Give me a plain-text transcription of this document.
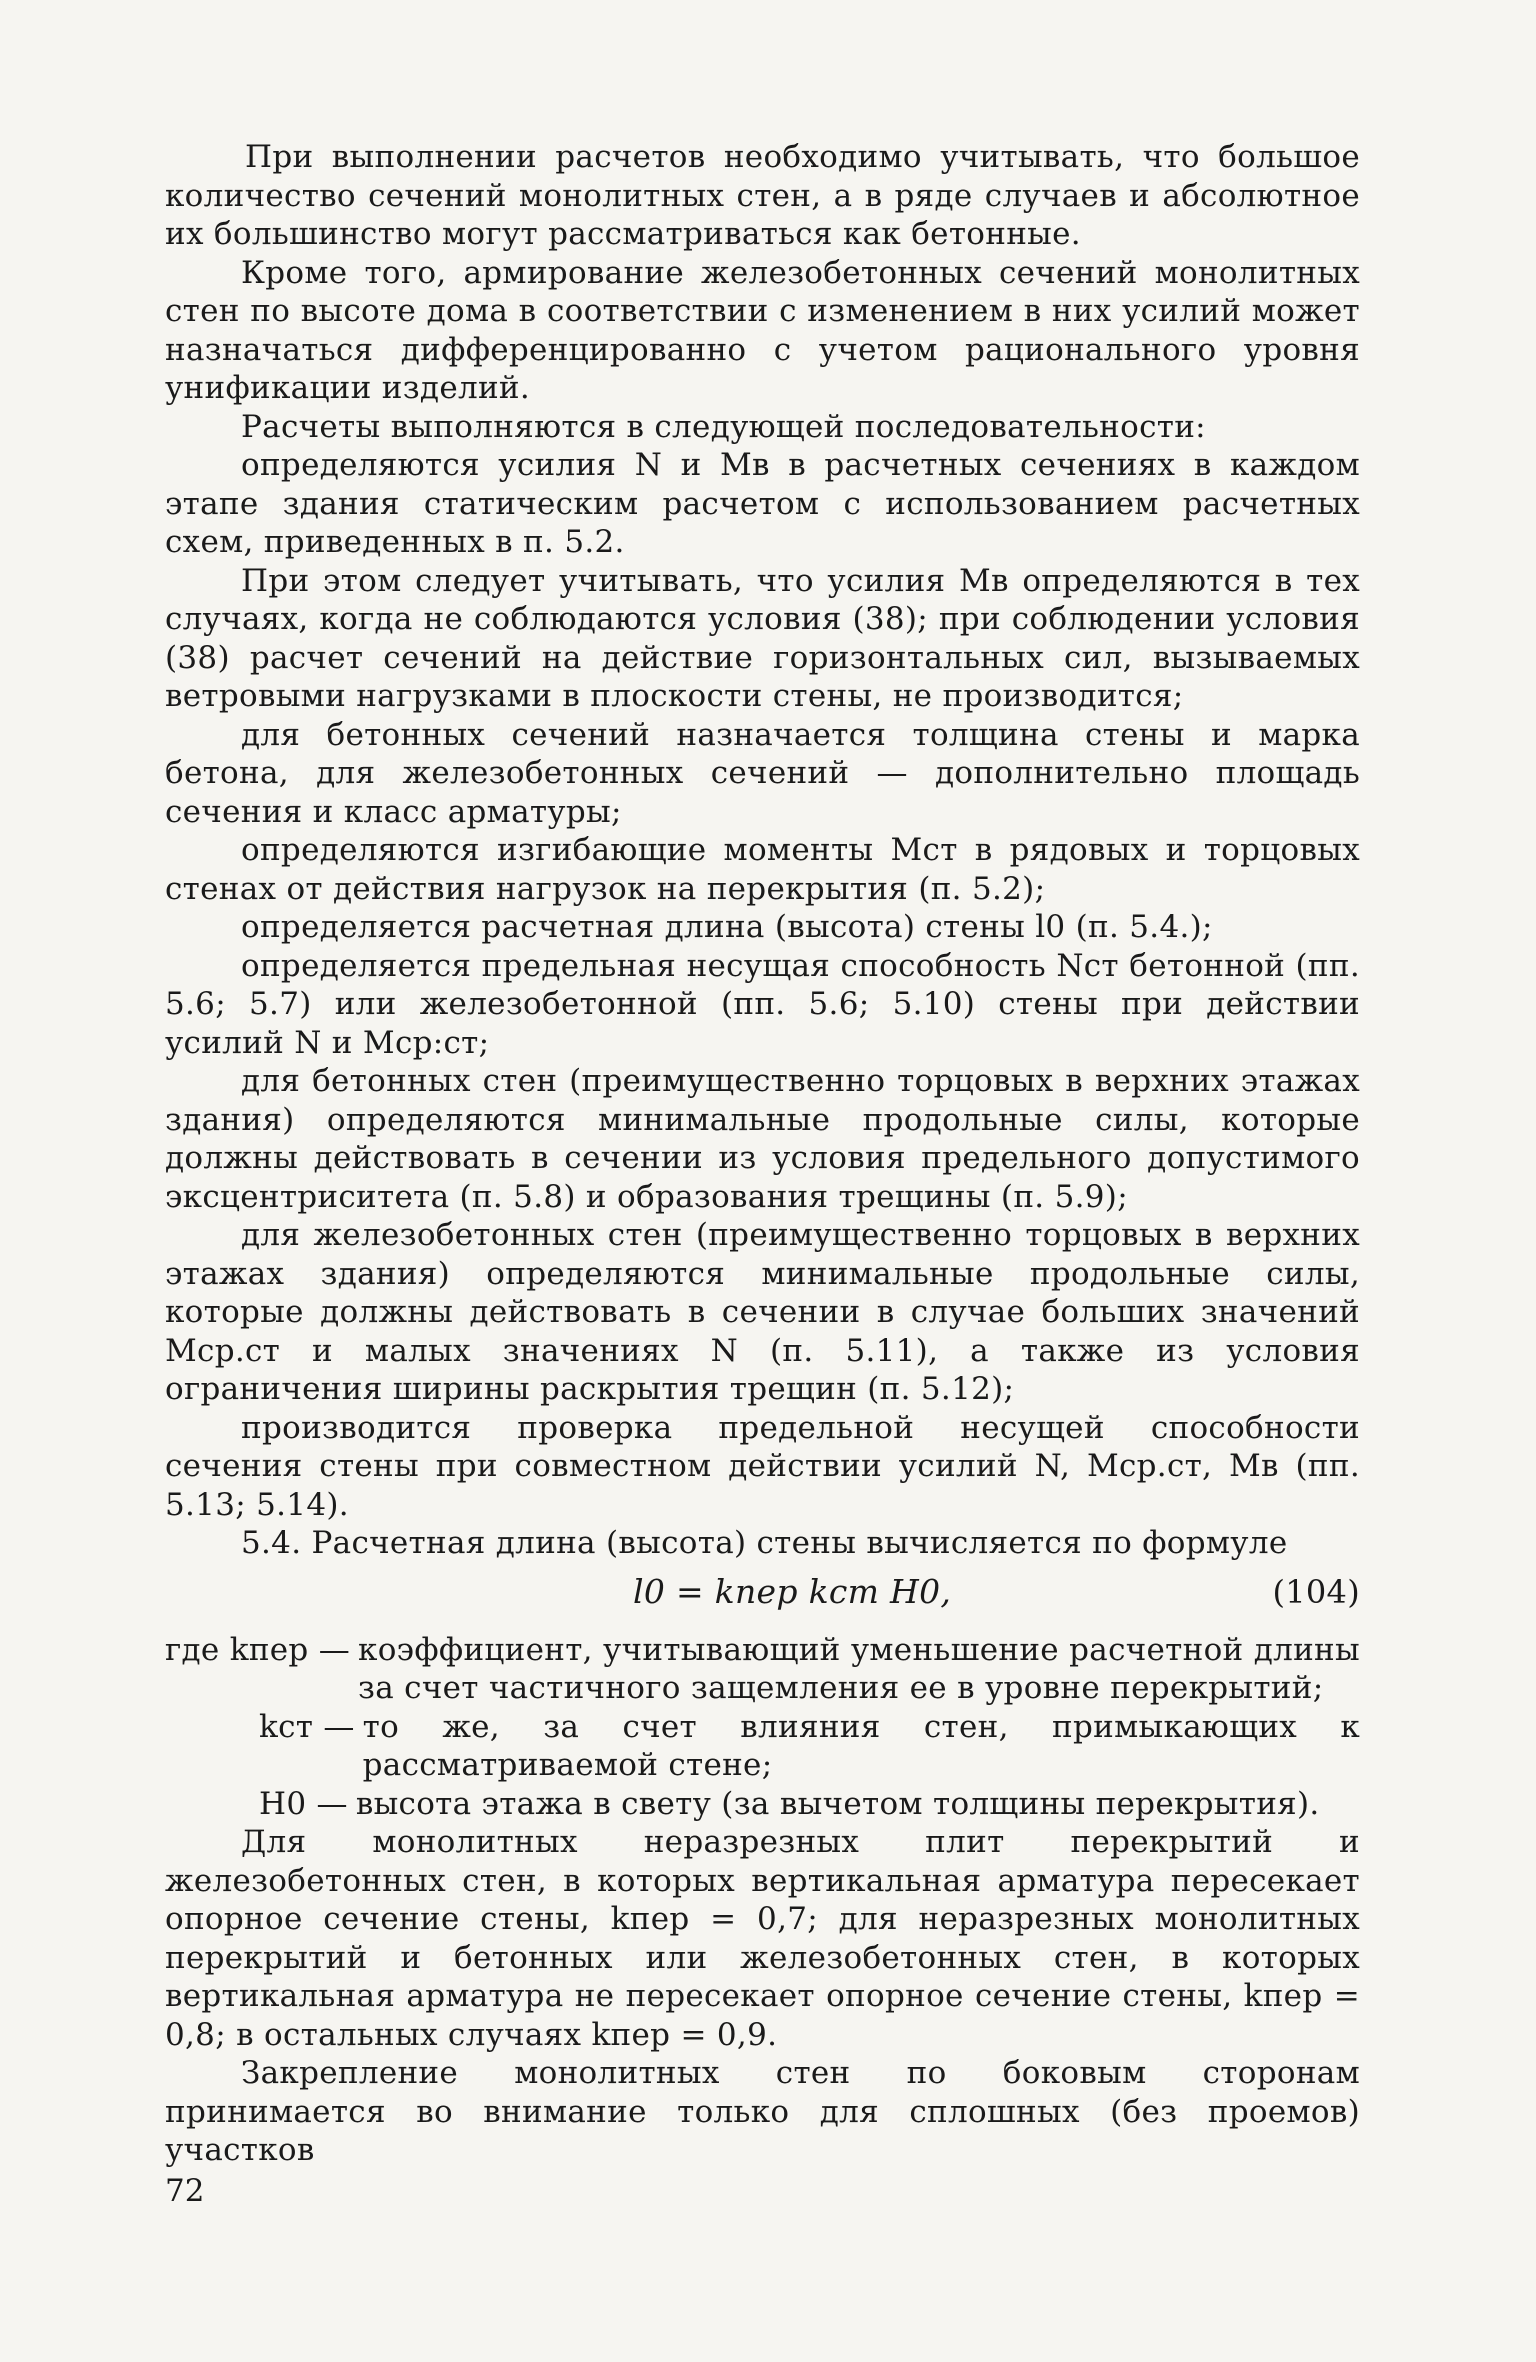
При выполнении расчетов необходимо учитывать, что большое количество сечений монолитных стен, а в ряде случаев и абсолютное их большинство могут рассматриваться как бетонные.

Кроме того, армирование железобетонных сечений монолитных стен по высоте дома в соответствии с изменением в них усилий может назначаться дифференцированно с учетом рационального уровня унификации изделий.

Расчеты выполняются в следующей последовательности:

определяются усилия N и Mв в расчетных сечениях в каждом этапе здания статическим расчетом с использованием расчетных схем, приведенных в п. 5.2.

При этом следует учитывать, что усилия Mв определяются в тех случаях, когда не соблюдаются условия (38); при соблюдении условия (38) расчет сечений на действие горизонтальных сил, вызываемых ветровыми нагрузками в плоскости стены, не производится;

для бетонных сечений назначается толщина стены и марка бетона, для железобетонных сечений — дополнительно площадь сечения и класс арматуры;

определяются изгибающие моменты Mст в рядовых и торцовых стенах от действия нагрузок на перекрытия (п. 5.2);

определяется расчетная длина (высота) стены l0 (п. 5.4.);

определяется предельная несущая способность Nст бетонной (пп. 5.6; 5.7) или железобетонной (пп. 5.6; 5.10) стены при действии усилий N и Mср:ст;

для бетонных стен (преимущественно торцовых в верхних этажах здания) определяются минимальные продольные силы, которые должны действовать в сечении из условия предельного допустимого эксцентриситета (п. 5.8) и образования трещины (п. 5.9);

для железобетонных стен (преимущественно торцовых в верхних этажах здания) определяются минимальные продольные силы, которые должны действовать в сечении в случае больших значений Mср.ст и малых значениях N (п. 5.11), а также из условия ограничения ширины раскрытия трещин (п. 5.12);

производится проверка предельной несущей способности сечения стены при совместном действии усилий N, Mср.ст, Mв (пп. 5.13; 5.14).

5.4. Расчетная длина (высота) стены вычисляется по формуле

l0 = kпер kст H0,	(104)
где kпер — коэффициент, учитывающий уменьшение расчетной длины за счет частичного защемления ее в уровне перекрытий;
kст — то же, за счет влияния стен, примыкающих к рассматриваемой стене;
H0 — высота этажа в свету (за вычетом толщины перекрытия).

Для монолитных неразрезных плит перекрытий и железобетонных стен, в которых вертикальная арматура пересекает опорное сечение стены, kпер = 0,7; для неразрезных монолитных перекрытий и бетонных или железобетонных стен, в которых вертикальная арматура не пересекает опорное сечение стены, kпер = 0,8; в остальных случаях kпер = 0,9.

Закрепление монолитных стен по боковым сторонам принимается во внимание только для сплошных (без проемов) участков

72
